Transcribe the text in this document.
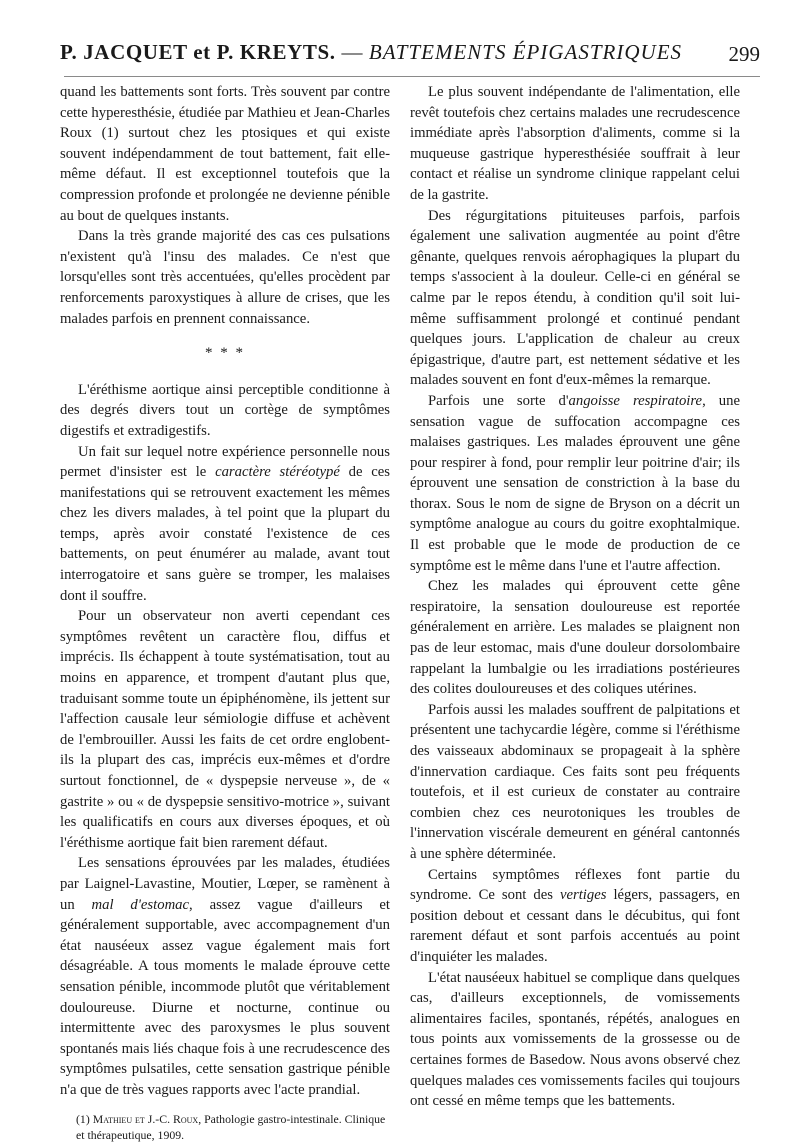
P. JACQUET et P. KREYTS. — BATTEMENTS ÉPIGASTRIQUES 299

quand les battements sont forts. Très souvent par contre cette hyperesthésie, étudiée par Mathieu et Jean-Charles Roux (1) surtout chez les ptosiques et qui existe souvent indépendamment de tout battement, fait elle-même défaut. Il est exceptionnel toutefois que la compression profonde et prolongée ne devienne pénible au bout de quelques instants.

Dans la très grande majorité des cas ces pulsations n'existent qu'à l'insu des malades. Ce n'est que lorsqu'elles sont très accentuées, qu'elles procèdent par renforcements paroxystiques à allure de crises, que les malades parfois en prennent connaissance.

* * *

L'éréthisme aortique ainsi perceptible conditionne à des degrés divers tout un cortège de symptômes digestifs et extradigestifs.

Un fait sur lequel notre expérience personnelle nous permet d'insister est le caractère stéréotypé de ces manifestations qui se retrouvent exactement les mêmes chez les divers malades, à tel point que la plupart du temps, après avoir constaté l'existence de ces battements, on peut énumérer au malade, avant tout interrogatoire et sans guère se tromper, les malaises dont il souffre.

Pour un observateur non averti cependant ces symptômes revêtent un caractère flou, diffus et imprécis. Ils échappent à toute systématisation, tout au moins en apparence, et trompent d'autant plus que, traduisant somme toute un épiphénomène, ils jettent sur l'affection causale leur sémiologie diffuse et achèvent de l'embrouiller. Aussi les faits de cet ordre englobent-ils la plupart des cas, imprécis eux-mêmes et d'ordre surtout fonctionnel, de « dyspepsie nerveuse », de « gastrite » ou « de dyspepsie sensitivo-motrice », suivant les qualificatifs en cours aux diverses époques, et où l'éréthisme aortique fait bien rarement défaut.

Les sensations éprouvées par les malades, étudiées par Laignel-Lavastine, Moutier, Lœper, se ramènent à un mal d'estomac, assez vague d'ailleurs et généralement supportable, avec accompagnement d'un état nauséeux assez vague également mais fort désagréable. A tous moments le malade éprouve cette sensation pénible, incommode plutôt que véritablement douloureuse. Diurne et nocturne, continue ou intermittente avec des paroxysmes le plus souvent spontanés mais liés chaque fois à une recrudescence des symptômes pulsatiles, cette sensation gastrique pénible n'a que de très vagues rapports avec l'acte prandial.

(1) Mathieu et J.-C. Roux, Pathologie gastro-intestinale. Clinique et thérapeutique, 1909.

Le plus souvent indépendante de l'alimentation, elle revêt toutefois chez certains malades une recrudescence immédiate après l'absorption d'aliments, comme si la muqueuse gastrique hyperesthésiée souffrait à leur contact et réalise un syndrome clinique rappelant celui de la gastrite.

Des régurgitations pituiteuses parfois, parfois également une salivation augmentée au point d'être gênante, quelques renvois aérophagiques la plupart du temps s'associent à la douleur. Celle-ci en général se calme par le repos étendu, à condition qu'il soit lui-même suffisamment prolongé et continué pendant quelques jours. L'application de chaleur au creux épigastrique, d'autre part, est nettement sédative et les malades souvent en font d'eux-mêmes la remarque.

Parfois une sorte d'angoisse respiratoire, une sensation vague de suffocation accompagne ces malaises gastriques. Les malades éprouvent une gêne pour respirer à fond, pour remplir leur poitrine d'air; ils éprouvent une sensation de constriction à la base du thorax. Sous le nom de signe de Bryson on a décrit un symptôme analogue au cours du goitre exophtalmique. Il est probable que le mode de production de ce symptôme est le même dans l'une et l'autre affection.

Chez les malades qui éprouvent cette gêne respiratoire, la sensation douloureuse est reportée généralement en arrière. Les malades se plaignent non pas de leur estomac, mais d'une douleur dorsolombaire rappelant la lumbalgie ou les irradiations postérieures des colites douloureuses et des coliques utérines.

Parfois aussi les malades souffrent de palpitations et présentent une tachycardie légère, comme si l'éréthisme des vaisseaux abdominaux se propageait à la sphère d'innervation cardiaque. Ces faits sont peu fréquents toutefois, et il est curieux de constater au contraire combien chez ces neurotoniques les troubles de l'innervation viscérale demeurent en général cantonnés à une sphère déterminée.

Certains symptômes réflexes font partie du syndrome. Ce sont des vertiges légers, passagers, en position debout et cessant dans le décubitus, qui font rarement défaut et sont parfois accentués au point d'inquiéter les malades.

L'état nauséeux habituel se complique dans quelques cas, d'ailleurs exceptionnels, de vomissements alimentaires faciles, spontanés, répétés, analogues en tous points aux vomissements de la grossesse ou de certaines formes de Basedow. Nous avons observé chez quelques malades ces vomissements faciles qui toujours ont cessé en même temps que les battements.
